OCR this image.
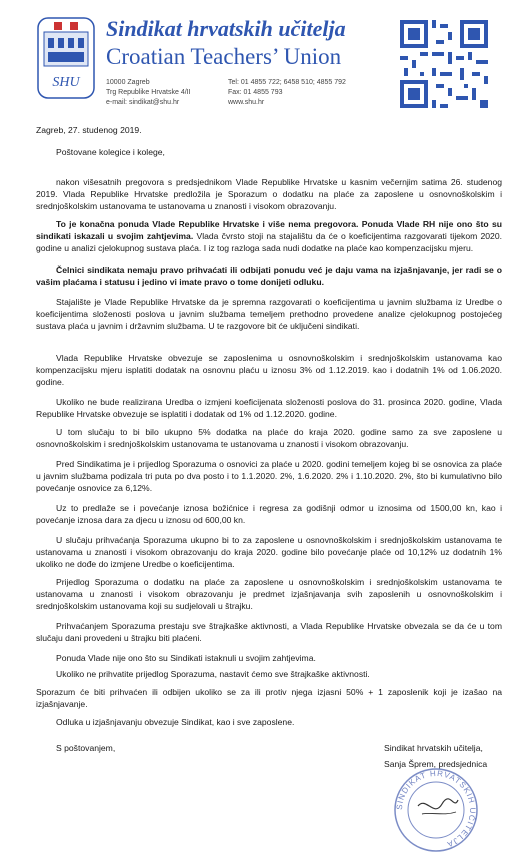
SHU
Sindikat hrvatskih učitelja
Croatian Teachers’ Union
10000 Zagreb
Trg Republike Hrvatske 4/II
e-mail: sindikat@shu.hr
Tel: 01 4855 722; 6458 510; 4855 792
Fax: 01 4855 793
www.shu.hr
Zagreb, 27. studenog 2019.
Poštovane kolegice i kolege,
nakon višesatnih pregovora s predsjednikom Vlade Republike Hrvatske u kasnim večernjim satima 26. studenog 2019. Vlada Republike Hrvatske predložila je Sporazum o dodatku na plaće za zaposlene u osnovnoškolskim i srednjoškolskim ustanovama te ustanovama u znanosti i visokom obrazovanju.
To je konačna ponuda Vlade Republike Hrvatske i više nema pregovora. Ponuda Vlade RH nije ono što su sindikati iskazali u svojim zahtjevima. Vlada čvrsto stoji na stajalištu da će o koeficijentima razgovarati tijekom 2020. godine u analizi cjelokupnog sustava plaća. I iz tog razloga sada nudi dodatke na plaće kao kompenzacijsku mjeru.
Čelnici sindikata nemaju pravo prihvaćati ili odbijati ponudu već je daju vama na izjašnjavanje, jer radi se o vašim plaćama i statusu i jedino vi imate pravo o tome donijeti odluku.
Stajalište je Vlade Republike Hrvatske da je spremna razgovarati o koeficijentima u javnim službama iz Uredbe o koeficijentima složenosti poslova u javnim službama temeljem prethodno provedene analize cjelokupnog postojećeg sustava plaća u javnim i državnim službama. U te razgovore bit će uključeni sindikati.
Vlada Republike Hrvatske obvezuje se zaposlenima u osnovnoškolskim i srednjoškolskim ustanovama kao kompenzacijsku mjeru isplatiti dodatak na osnovnu plaću u iznosu 3% od 1.12.2019. kao i dodatnih 1% od 1.06.2020. godine.
Ukoliko ne bude realizirana Uredba o izmjeni koeficijenata složenosti poslova do 31. prosinca 2020. godine, Vlada Republike Hrvatske obvezuje se isplatiti i dodatak od 1% od 1.12.2020. godine.
U tom slučaju to bi bilo ukupno 5% dodatka na plaće do kraja 2020. godine samo za sve zaposlene u osnovnoškolskim i srednjoškolskim ustanovama te ustanovama u znanosti i visokom obrazovanju.
Pred Sindikatima je i prijedlog Sporazuma o osnovici za plaće u 2020. godini temeljem kojeg bi se osnovica za plaće u javnim službama podizala tri puta po dva posto i to 1.1.2020. 2%, 1.6.2020. 2% i 1.10.2020. 2%, što bi kumulativno bilo povećanje osnovice za 6,12%.
Uz to predlaže se i povećanje iznosa božićnice i regresa za godišnji odmor u iznosima od 1500,00 kn, kao i povećanje iznosa dara za djecu u iznosu od 600,00 kn.
U slučaju prihvaćanja Sporazuma ukupno bi to za zaposlene u osnovnoškolskim i srednjoškolskim ustanovama te ustanovama u znanosti i visokom obrazovanju do kraja 2020. godine bilo povećanje plaće od 10,12% uz dodatnih 1% ukoliko ne dođe do izmjene Uredbe o koeficijentima.
Prijedlog Sporazuma o dodatku na plaće za zaposlene u osnovnoškolskim i srednjoškolskim ustanovama te ustanovama u znanosti i visokom obrazovanju je predmet izjašnjavanja svih zaposlenih u osnovnoškolskim i srednjoškolskim ustanovama koji su sudjelovali u štrajku.
Prihvaćanjem Sporazuma prestaju sve štrajkaške aktivnosti, a Vlada Republike Hrvatske obvezala se da će u tom slučaju dani provedeni u štrajku biti plaćeni.
Ponuda Vlade nije ono što su Sindikati istaknuli u svojim zahtjevima.
Ukoliko ne prihvatite prijedlog Sporazuma, nastavit ćemo sve štrajkaške aktivnosti.
Sporazum će biti prihvaćen ili odbijen ukoliko se za ili protiv njega izjasni 50% + 1 zaposlenik koji je izašao na izjašnjavanje.
Odluka u izjašnjavanju obvezuje Sindikat, kao i sve zaposlene.
S poštovanjem,	Sindikat hrvatskih učitelja,
Sanja Šprem, predsjednica
SINDIKAT HRVATSKIH UČITELJA
